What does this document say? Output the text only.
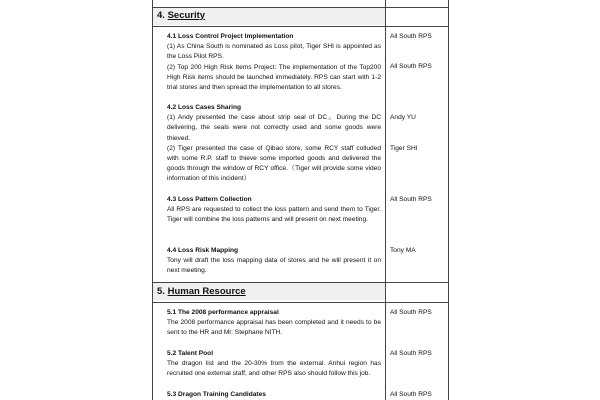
4. Security
4.1 Loss Control Project Implementation

(1) As China South is nominated as Loss pilot, Tiger SHI is appointed as the Loss Pilot RPS.

(2) Top 200 High Risk Items Project: The implementation of the Top200 High Risk items should be launched immediately. RPS can start with 1-2 trial stores and then spread the implementation to all stores.

All South RPS
All South RPS
4.2 Loss Cases Sharing

(1) Andy presented the case about strip seal of DC。During the DC delivering, the seals were not correctly used and some goods were thieved.

(2) Tiger presented the case of Qibao store, some RCY staff colluded with some R.P. staff to thieve some imported goods and delivered the goods through the window of RCY office.（Tiger will provide some video information of this incident）

Andy YU
Tiger SHI
4.3 Loss Pattern Collection

All RPS are requested to collect the loss pattern and send them to Tiger. Tiger will combine the loss patterns and will present on next meeting.

All South RPS
4.4 Loss Risk Mapping

Tony will draft the loss mapping data of stores and he will present it on next meeting.

Tony MA
5. Human Resource
5.1 The 2008 performance appraisal

The 2008 performance appraisal has been completed and it needs to be sent to the HR and Mr. Stephane NITH.

All South RPS
5.2 Talent Pool

The dragon list and the 20-30% from the external. Anhui region has recruited one external staff, and other RPS also should follow this job.

All South RPS
5.3 Dragon Training Candidates	All South RPS
